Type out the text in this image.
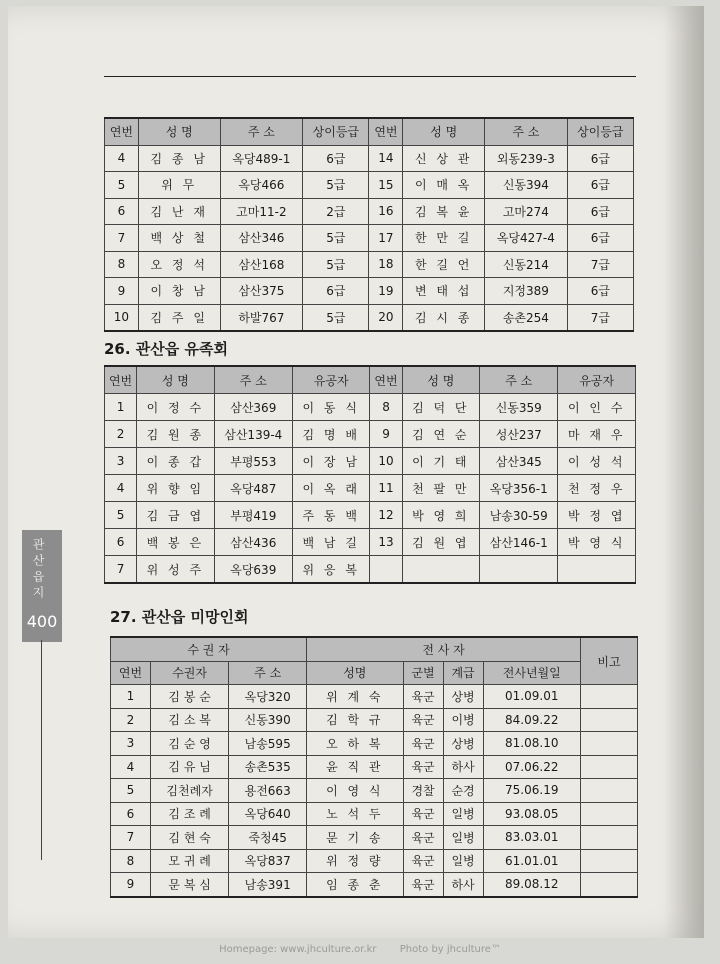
연번	성 명	주 소	상이등급	연번	성 명	주 소	상이등급
4	김 종 남	옥당489-1	6급	14	신 상 관	외동239-3	6급
5	위 무	옥당466	5급	15	이 매 옥	신동394	6급
6	김 난 재	고마11-2	2급	16	김 복 윤	고마274	6급
7	백 상 철	삼산346	5급	17	한 만 길	옥당427-4	6급
8	오 정 석	삼산168	5급	18	한 길 언	신동214	7급
9	이 창 남	삼산375	6급	19	변 태 섭	지정389	6급
10	김 주 일	하발767	5급	20	김 시 종	송촌254	7급
26. 관산읍 유족회
연번	성 명	주 소	유공자	연번	성 명	주 소	유공자
1	이 정 수	삼산369	이 동 식	8	김 덕 단	신동359	이 인 수
2	김 원 종	삼산139-4	김 명 배	9	김 연 순	성산237	마 재 우
3	이 종 갑	부평553	이 장 남	10	이 기 태	삼산345	이 성 석
4	위 향 임	옥당487	이 옥 래	11	천 팔 만	옥당356-1	천 정 우
5	김 금 엽	부평419	주 동 백	12	박 영 희	남송30-59	박 정 엽
6	백 봉 은	삼산436	백 남 길	13	김 원 엽	삼산146-1	박 영 식
7	위 성 주	옥당639	위 응 복				
27. 관산읍 미망인회
수 권 자			전 사 자				비고
연번	수권자	주 소	성명	군별	계급	전사년월일	
1	김 봉 순	옥당320	위 계 숙	육군	상병	01.09.01	
2	김 소 복	신동390	김 학 규	육군	이병	84.09.22	
3	김 순 영	남송595	오 하 복	육군	상병	81.08.10	
4	김 유 님	송촌535	윤 직 관	육군	하사	07.06.22	
5	김천례자	용전663	이 영 식	경찰	순경	75.06.19	
6	김 조 례	옥당640	노 석 두	육군	일병	93.08.05	
7	김 현 숙	죽청45	문 기 송	육군	일병	83.03.01	
8	모 귀 례	옥당837	위 정 량	육군	일병	61.01.01	
9	문 복 심	남송391	임 종 춘	육군	하사	89.08.12	
관산읍지
400
Homepage: www.jhculture.or.kr Photo by jhculture™
